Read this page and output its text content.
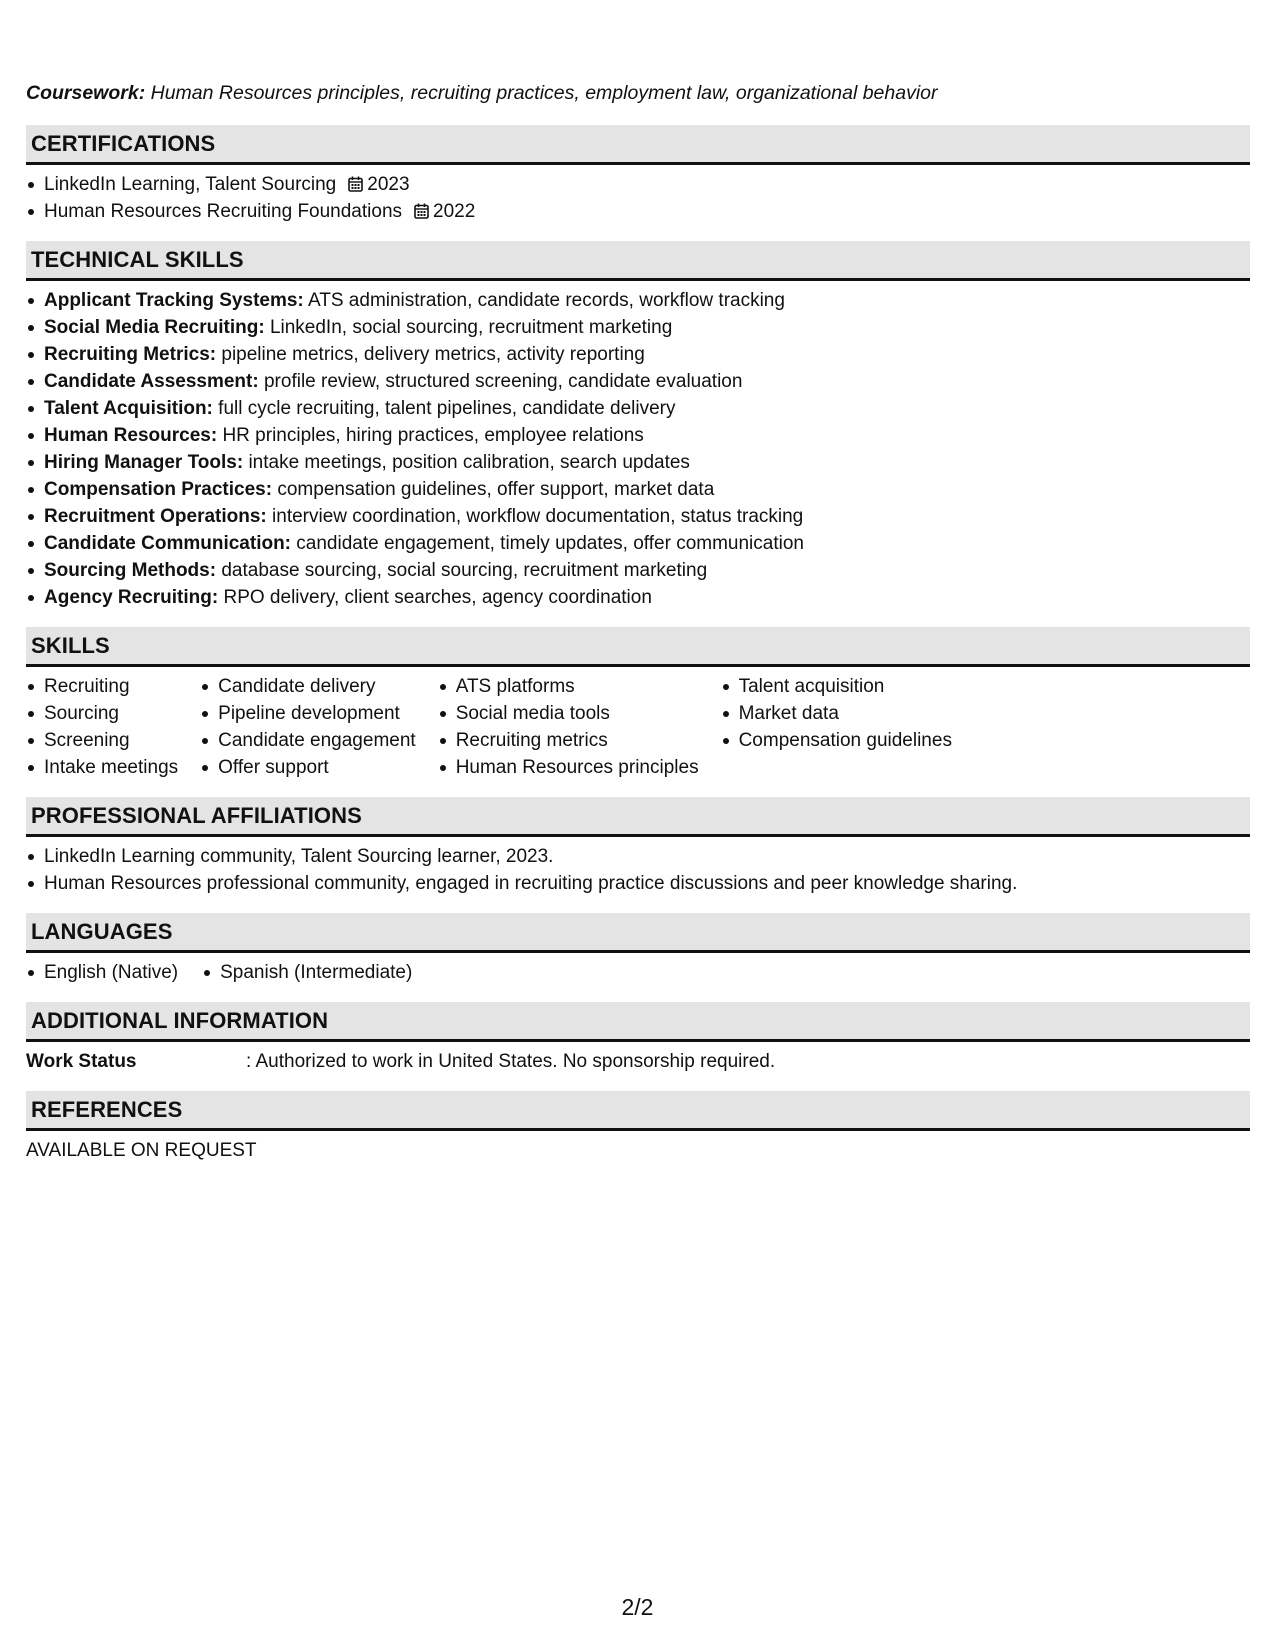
Coursework: Human Resources principles, recruiting practices, employment law, organizational behavior

CERTIFICATIONS
LinkedIn Learning, Talent Sourcing 2023
Human Resources Recruiting Foundations 2022
TECHNICAL SKILLS
Applicant Tracking Systems: ATS administration, candidate records, workflow tracking
Social Media Recruiting: LinkedIn, social sourcing, recruitment marketing
Recruiting Metrics: pipeline metrics, delivery metrics, activity reporting
Candidate Assessment: profile review, structured screening, candidate evaluation
Talent Acquisition: full cycle recruiting, talent pipelines, candidate delivery
Human Resources: HR principles, hiring practices, employee relations
Hiring Manager Tools: intake meetings, position calibration, search updates
Compensation Practices: compensation guidelines, offer support, market data
Recruitment Operations: interview coordination, workflow documentation, status tracking
Candidate Communication: candidate engagement, timely updates, offer communication
Sourcing Methods: database sourcing, social sourcing, recruitment marketing
Agency Recruiting: RPO delivery, client searches, agency coordination
SKILLS
Recruiting
Sourcing
Screening
Intake meetings
Candidate delivery
Pipeline development
Candidate engagement
Offer support
ATS platforms
Social media tools
Recruiting metrics
Human Resources principles
Talent acquisition
Market data
Compensation guidelines
PROFESSIONAL AFFILIATIONS
LinkedIn Learning community, Talent Sourcing learner, 2023.
Human Resources professional community, engaged in recruiting practice discussions and peer knowledge sharing.
LANGUAGES
English (Native)	Spanish (Intermediate)
ADDITIONAL INFORMATION
Work Status	: Authorized to work in United States. No sponsorship required.
REFERENCES

AVAILABLE ON REQUEST

2/2
